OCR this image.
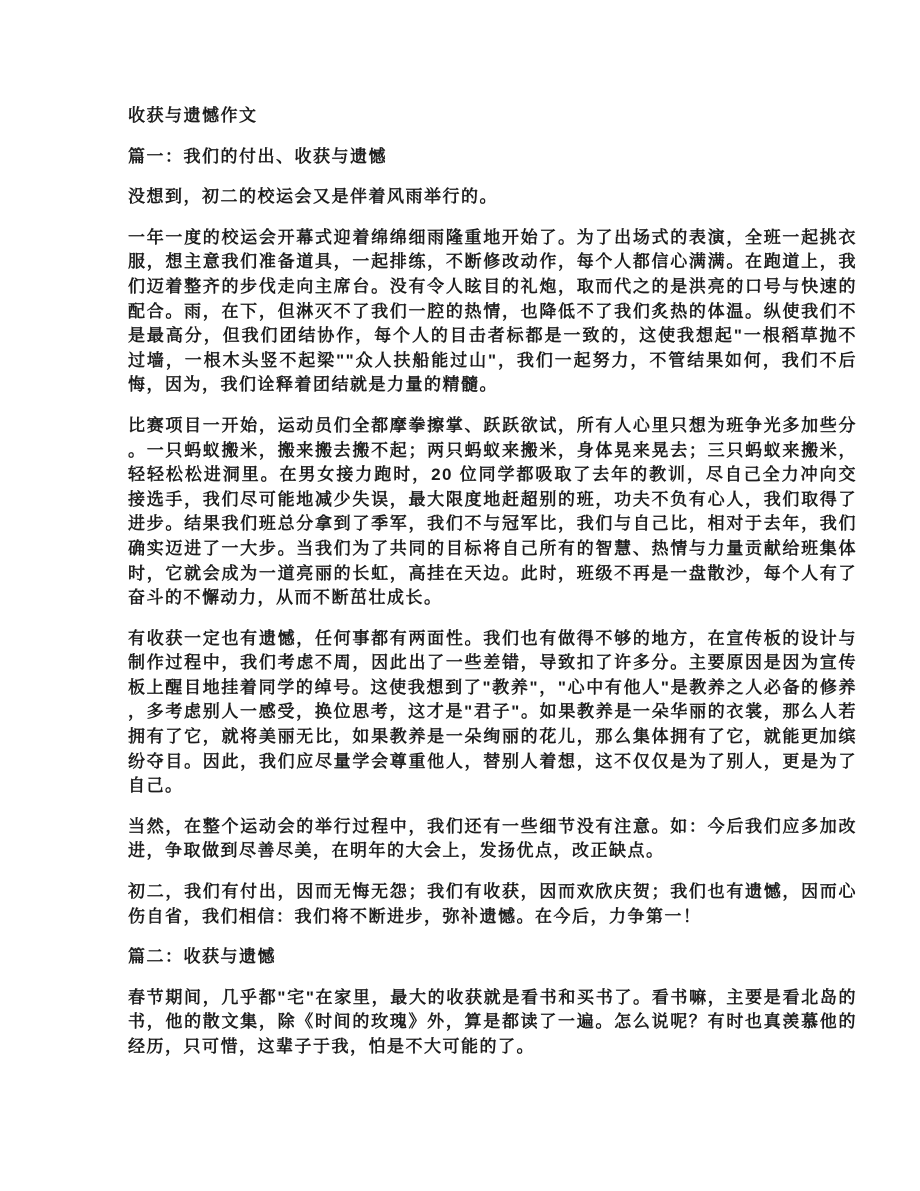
收获与遗憾作文

篇一：我们的付出、收获与遗憾

没想到，初二的校运会又是伴着风雨举行的。

一年一度的校运会开幕式迎着绵绵细雨隆重地开始了。为了出场式的表演，全班一起挑衣服，想主意我们准备道具，一起排练，不断修改动作，每个人都信心满满。在跑道上，我们迈着整齐的步伐走向主席台。没有令人眩目的礼炮，取而代之的是洪亮的口号与快速的配合。雨，在下，但淋灭不了我们一腔的热情，也降低不了我们炙热的体温。纵使我们不是最高分，但我们团结协作，每个人的目击者标都是一致的，这使我想起"一根稻草抛不过墙，一根木头竖不起梁""众人扶船能过山"，我们一起努力，不管结果如何，我们不后悔，因为，我们诠释着团结就是力量的精髓。

比赛项目一开始，运动员们全都摩拳擦掌、跃跃欲试，所有人心里只想为班争光多加些分。一只蚂蚁搬米，搬来搬去搬不起；两只蚂蚁来搬米，身体晃来晃去；三只蚂蚁来搬米，轻轻松松进洞里。在男女接力跑时，20 位同学都吸取了去年的教训，尽自己全力冲向交接选手，我们尽可能地减少失误，最大限度地赶超别的班，功夫不负有心人，我们取得了进步。结果我们班总分拿到了季军，我们不与冠军比，我们与自己比，相对于去年，我们确实迈进了一大步。当我们为了共同的目标将自己所有的智慧、热情与力量贡献给班集体时，它就会成为一道亮丽的长虹，高挂在天边。此时，班级不再是一盘散沙，每个人有了奋斗的不懈动力，从而不断茁壮成长。

有收获一定也有遗憾，任何事都有两面性。我们也有做得不够的地方，在宣传板的设计与制作过程中，我们考虑不周，因此出了一些差错，导致扣了许多分。主要原因是因为宣传板上醒目地挂着同学的绰号。这使我想到了"教养"，"心中有他人"是教养之人必备的修养，多考虑别人一感受，换位思考，这才是"君子"。如果教养是一朵华丽的衣裳，那么人若拥有了它，就将美丽无比，如果教养是一朵绚丽的花儿，那么集体拥有了它，就能更加缤纷夺目。因此，我们应尽量学会尊重他人，替别人着想，这不仅仅是为了别人，更是为了自己。

当然，在整个运动会的举行过程中，我们还有一些细节没有注意。如：今后我们应多加改进，争取做到尽善尽美，在明年的大会上，发扬优点，改正缺点。

初二，我们有付出，因而无悔无怨；我们有收获，因而欢欣庆贺；我们也有遗憾，因而心伤自省，我们相信：我们将不断进步，弥补遗憾。在今后，力争第一！

篇二：收获与遗憾

春节期间，几乎都"宅"在家里，最大的收获就是看书和买书了。看书嘛，主要是看北岛的书，他的散文集，除《时间的玫瑰》外，算是都读了一遍。怎么说呢？有时也真羡慕他的经历，只可惜，这辈子于我，怕是不大可能的了。
